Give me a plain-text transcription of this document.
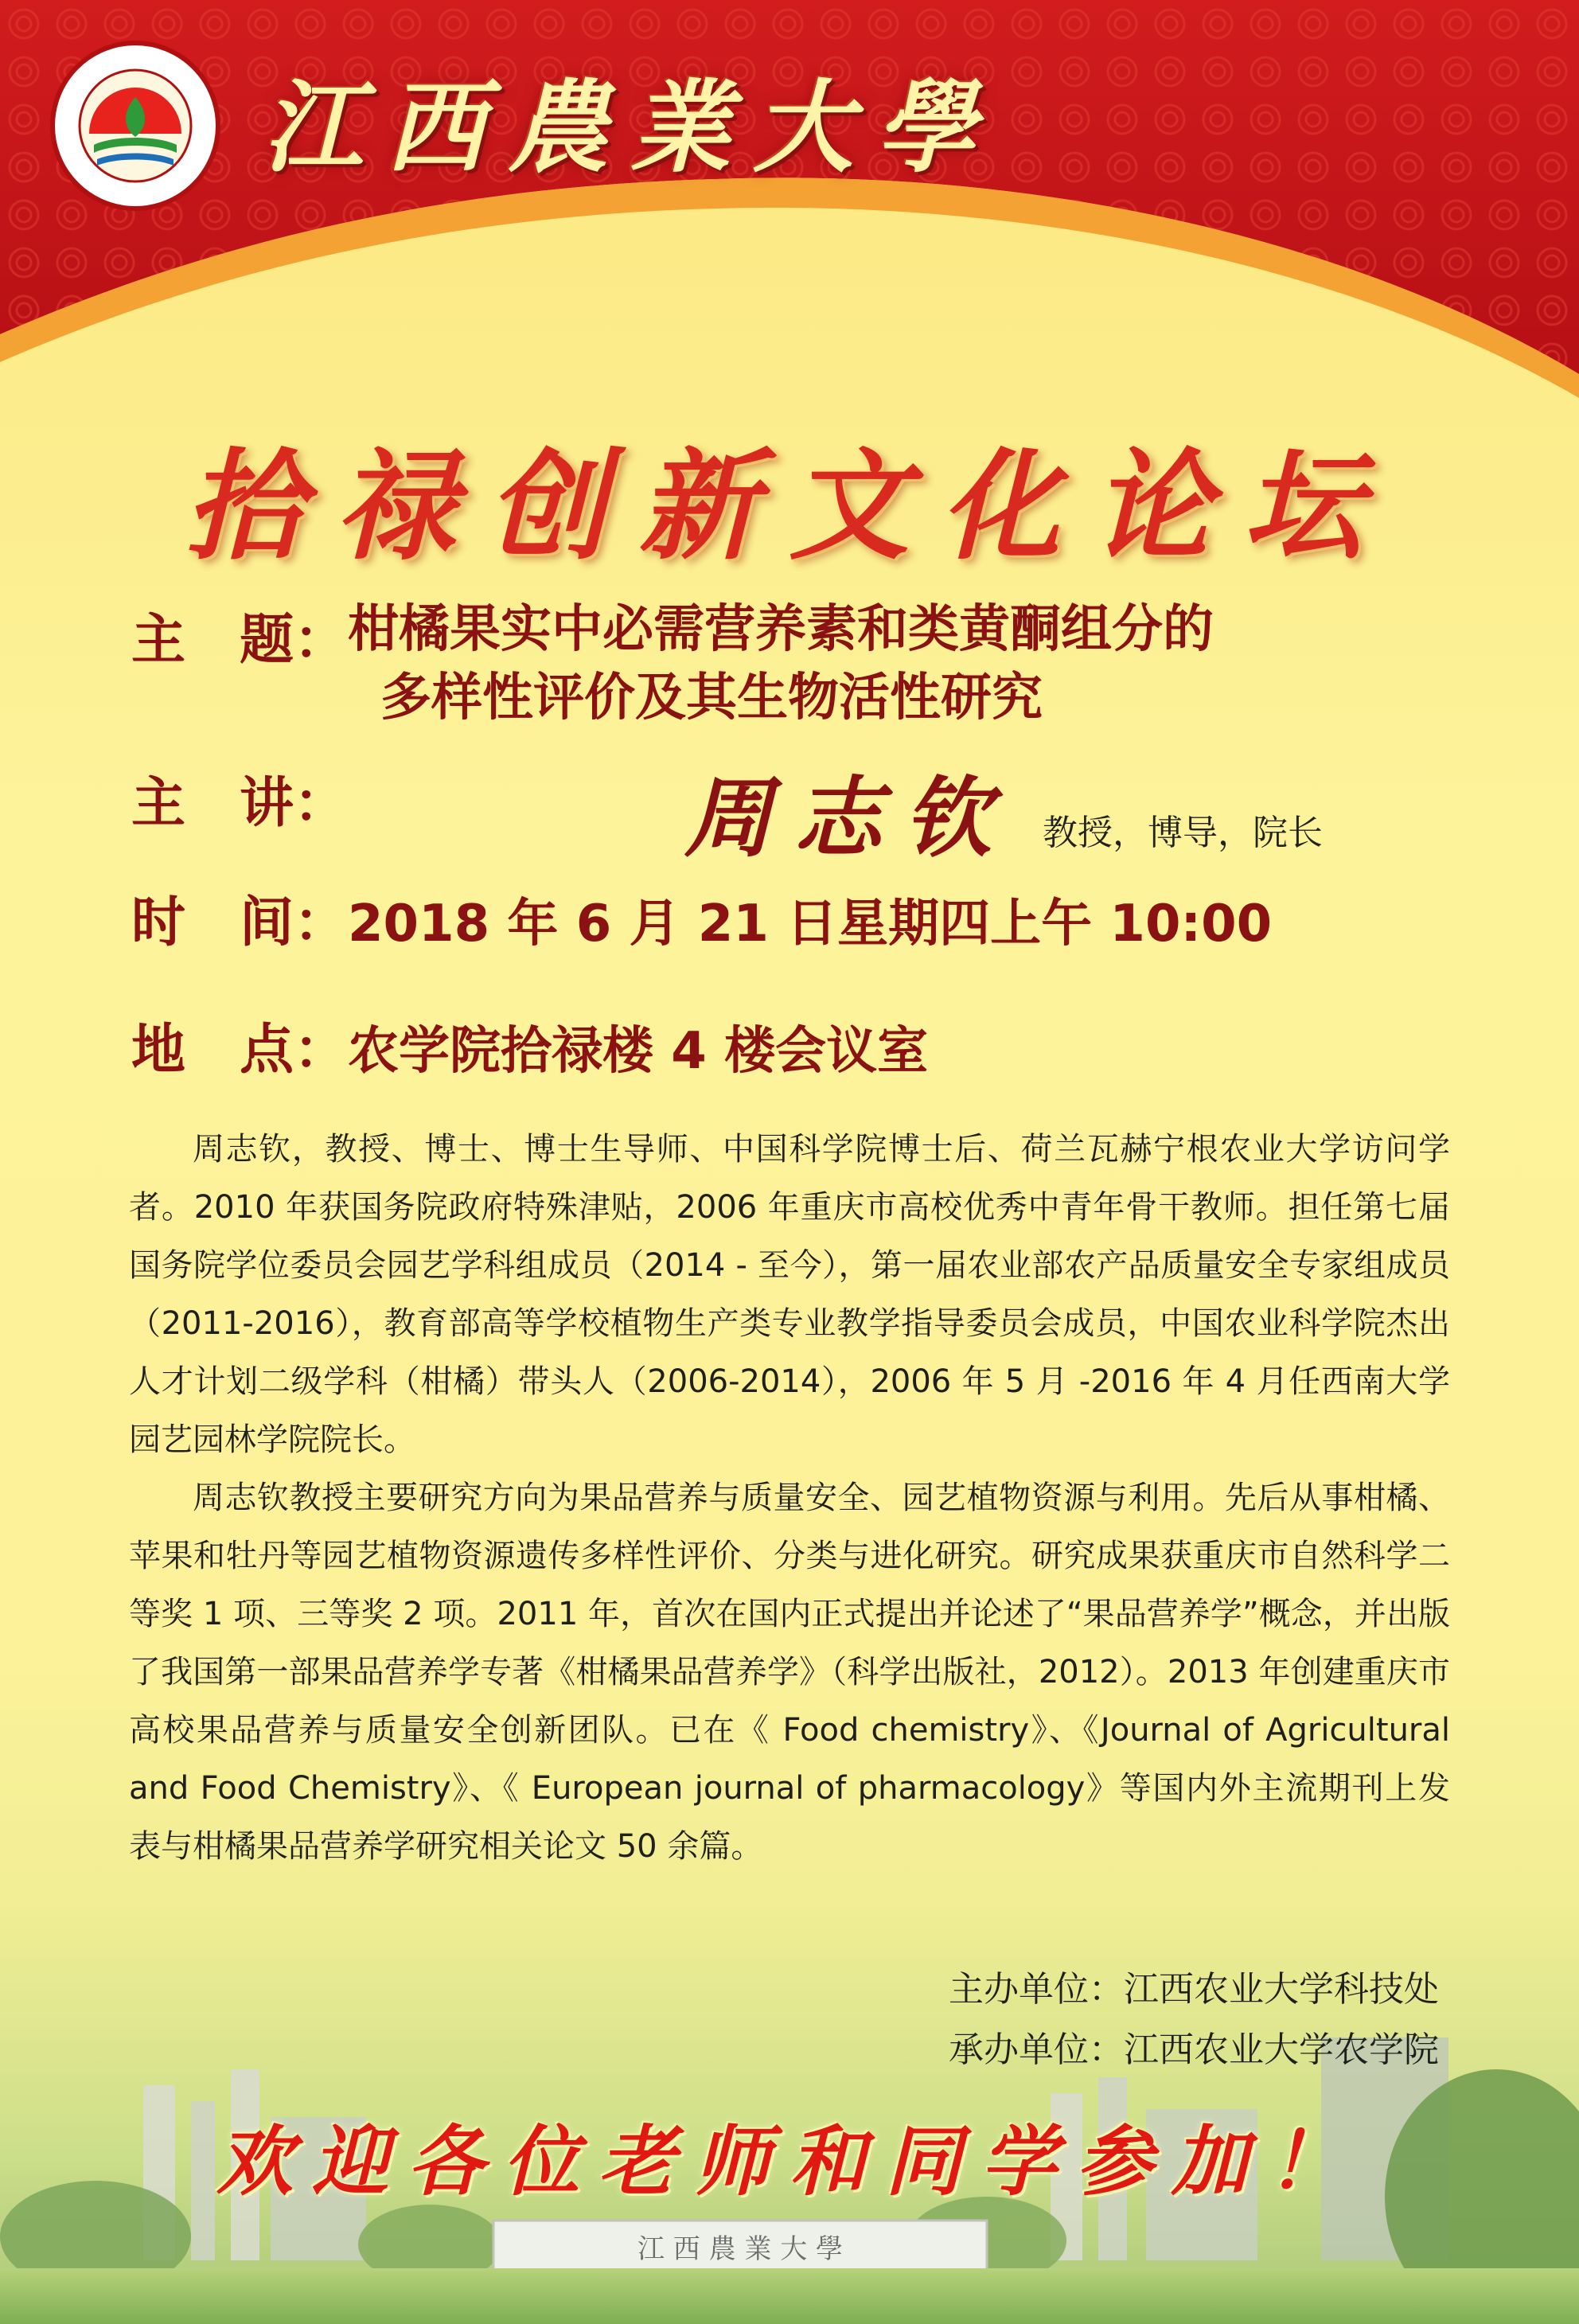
江西農業大學
拾禄创新文化论坛
主　题：柑橘果实中必需营养素和类黄酮组分的
多样性评价及其生物活性研究
主　讲：	周志钦 教授，博导，院长
时　间：2018 年 6 月 21 日星期四上午 10:00
地　点：农学院拾禄楼 4 楼会议室

周志钦，教授、博士、博士生导师、中国科学院博士后、荷兰瓦赫宁根农业大学访问学者。2010 年获国务院政府特殊津贴，2006 年重庆市高校优秀中青年骨干教师。担任第七届国务院学位委员会园艺学科组成员（2014 - 至今），第一届农业部农产品质量安全专家组成员（2011-2016），教育部高等学校植物生产类专业教学指导委员会成员，中国农业科学院杰出人才计划二级学科（柑橘）带头人（2006-2014），2006 年 5 月 -2016 年 4 月任西南大学园艺园林学院院长。

周志钦教授主要研究方向为果品营养与质量安全、园艺植物资源与利用。先后从事柑橘、苹果和牡丹等园艺植物资源遗传多样性评价、分类与进化研究。研究成果获重庆市自然科学二等奖 1 项、三等奖 2 项。2011 年，首次在国内正式提出并论述了“果品营养学”概念，并出版了我国第一部果品营养学专著《柑橘果品营养学》（科学出版社，2012）。2013 年创建重庆市高校果品营养与质量安全创新团队。已在《 Food chemistry》、《Journal of Agricultural and Food Chemistry》、《 European journal of pharmacology》等国内外主流期刊上发表与柑橘果品营养学研究相关论文 50 余篇。

江 西 農 業 大 學
主办单位：江西农业大学科技处
承办单位：江西农业大学农学院
欢迎各位老师和同学参加！
